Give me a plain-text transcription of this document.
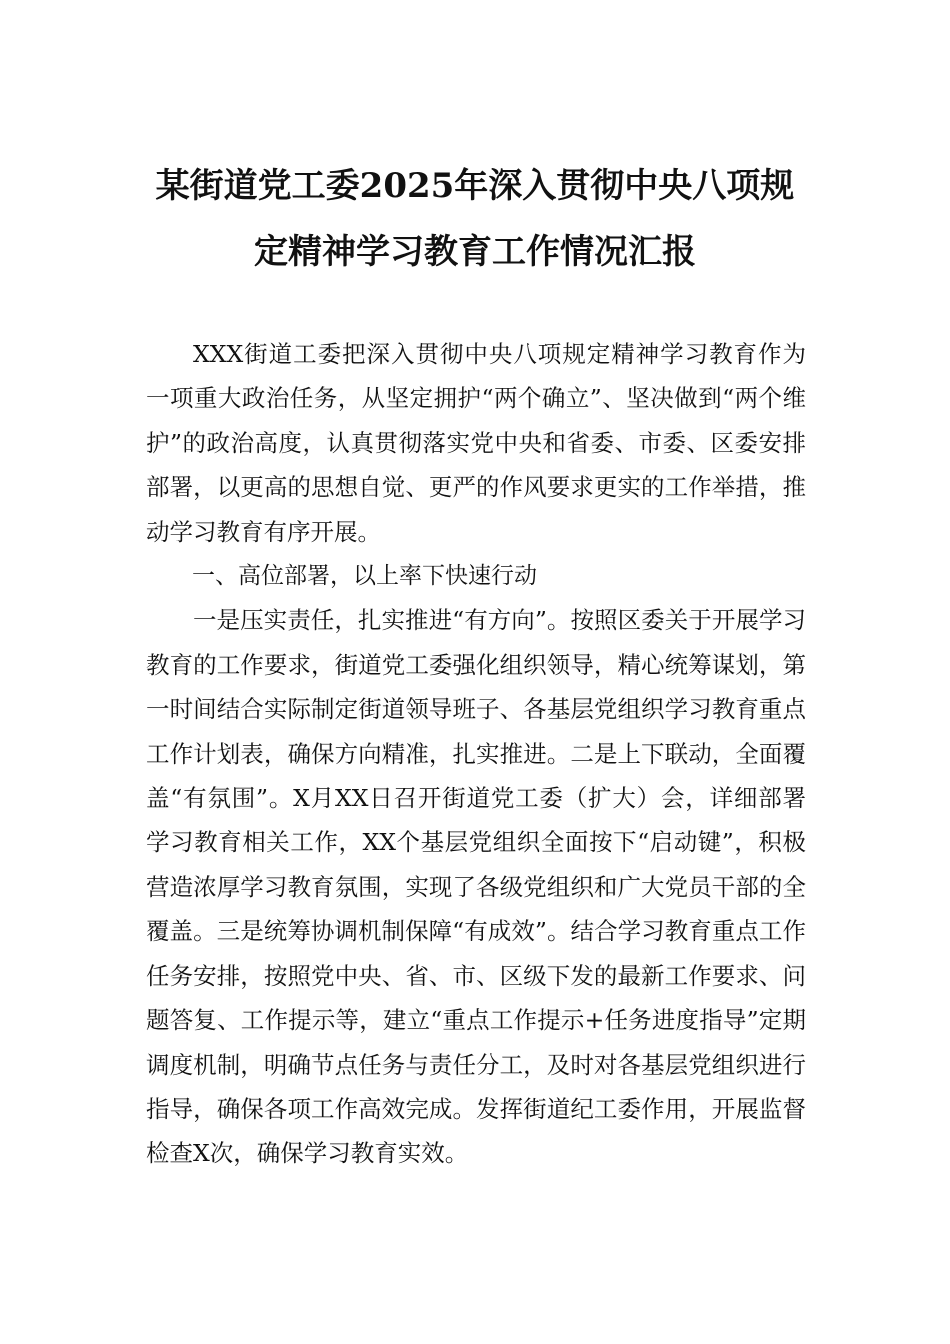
某街道党工委2025年深入贯彻中央八项规
定精神学习教育工作情况汇报

XXX街道工委把深入贯彻中央八项规定精神学习教育作为一项重大政治任务，从坚定拥护“两个确立”、坚决做到“两个维护”的政治高度，认真贯彻落实党中央和省委、市委、区委安排部署，以更高的思想自觉、更严的作风要求更实的工作举措，推动学习教育有序开展。

一、高位部署，以上率下快速行动

一是压实责任，扎实推进“有方向”。按照区委关于开展学习教育的工作要求，街道党工委强化组织领导，精心统筹谋划，第一时间结合实际制定街道领导班子、各基层党组织学习教育重点工作计划表，确保方向精准，扎实推进。二是上下联动，全面覆盖“有氛围”。X月XX日召开街道党工委（扩大）会，详细部署学习教育相关工作，XX个基层党组织全面按下“启动键”，积极营造浓厚学习教育氛围，实现了各级党组织和广大党员干部的全覆盖。三是统筹协调机制保障“有成效”。结合学习教育重点工作任务安排，按照党中央、省、市、区级下发的最新工作要求、问题答复、工作提示等，建立“重点工作提示+任务进度指导”定期调度机制，明确节点任务与责任分工，及时对各基层党组织进行指导，确保各项工作高效完成。发挥街道纪工委作用，开展监督检查X次，确保学习教育实效。
